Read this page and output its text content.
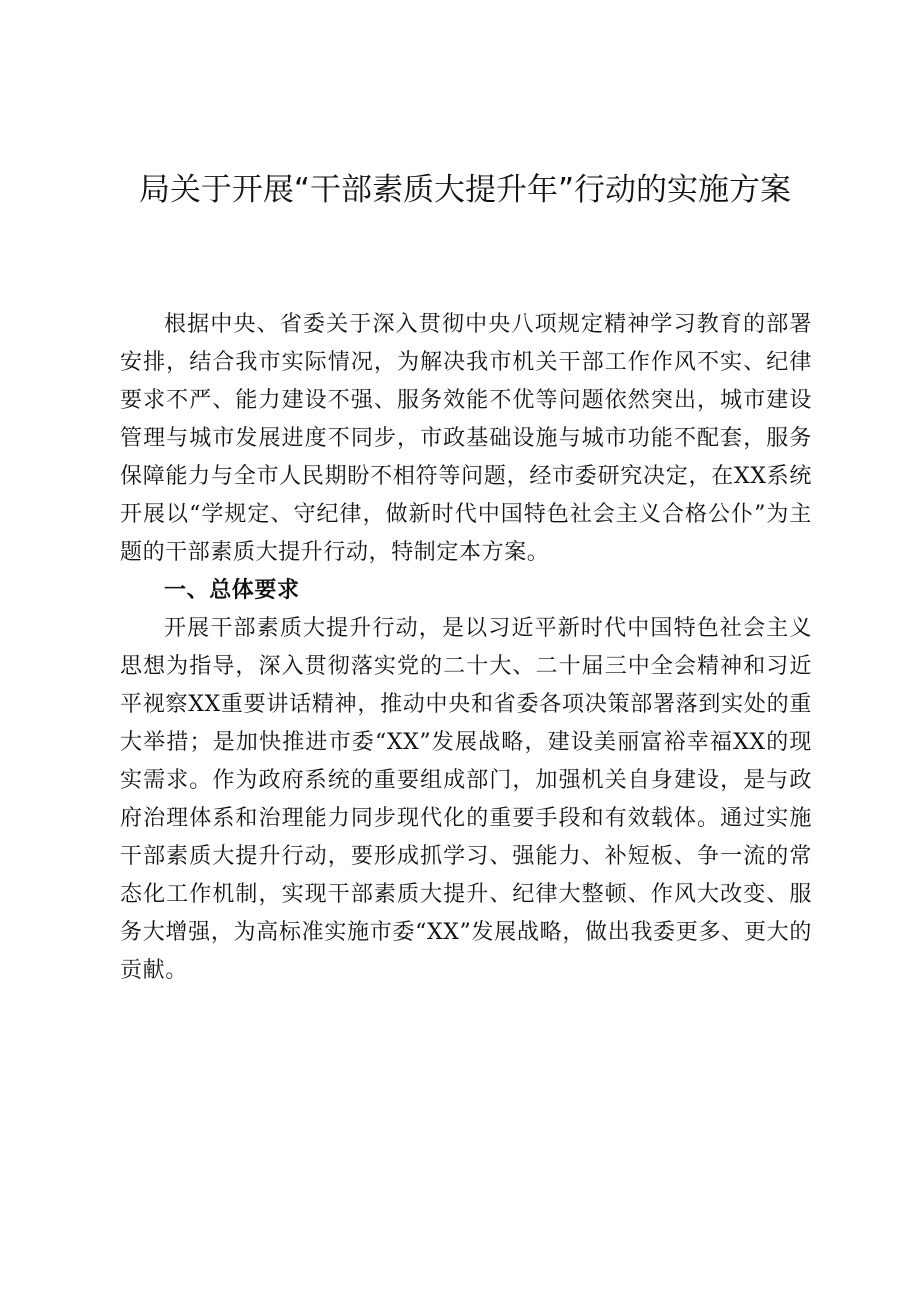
局关于开展“干部素质大提升年”行动的实施方案

根据中央、省委关于深入贯彻中央八项规定精神学习教育的部署安排，结合我市实际情况，为解决我市机关干部工作作风不实、纪律要求不严、能力建设不强、服务效能不优等问题依然突出，城市建设管理与城市发展进度不同步，市政基础设施与城市功能不配套，服务保障能力与全市人民期盼不相符等问题，经市委研究决定，在XX系统开展以“学规定、守纪律，做新时代中国特色社会主义合格公仆”为主题的干部素质大提升行动，特制定本方案。

一、总体要求

开展干部素质大提升行动，是以习近平新时代中国特色社会主义思想为指导，深入贯彻落实党的二十大、二十届三中全会精神和习近平视察XX重要讲话精神，推动中央和省委各项决策部署落到实处的重大举措；是加快推进市委“XX”发展战略，建设美丽富裕幸福XX的现实需求。作为政府系统的重要组成部门，加强机关自身建设，是与政府治理体系和治理能力同步现代化的重要手段和有效载体。通过实施干部素质大提升行动，要形成抓学习、强能力、补短板、争一流的常态化工作机制，实现干部素质大提升、纪律大整顿、作风大改变、服务大增强，为高标准实施市委“XX”发展战略，做出我委更多、更大的贡献。
